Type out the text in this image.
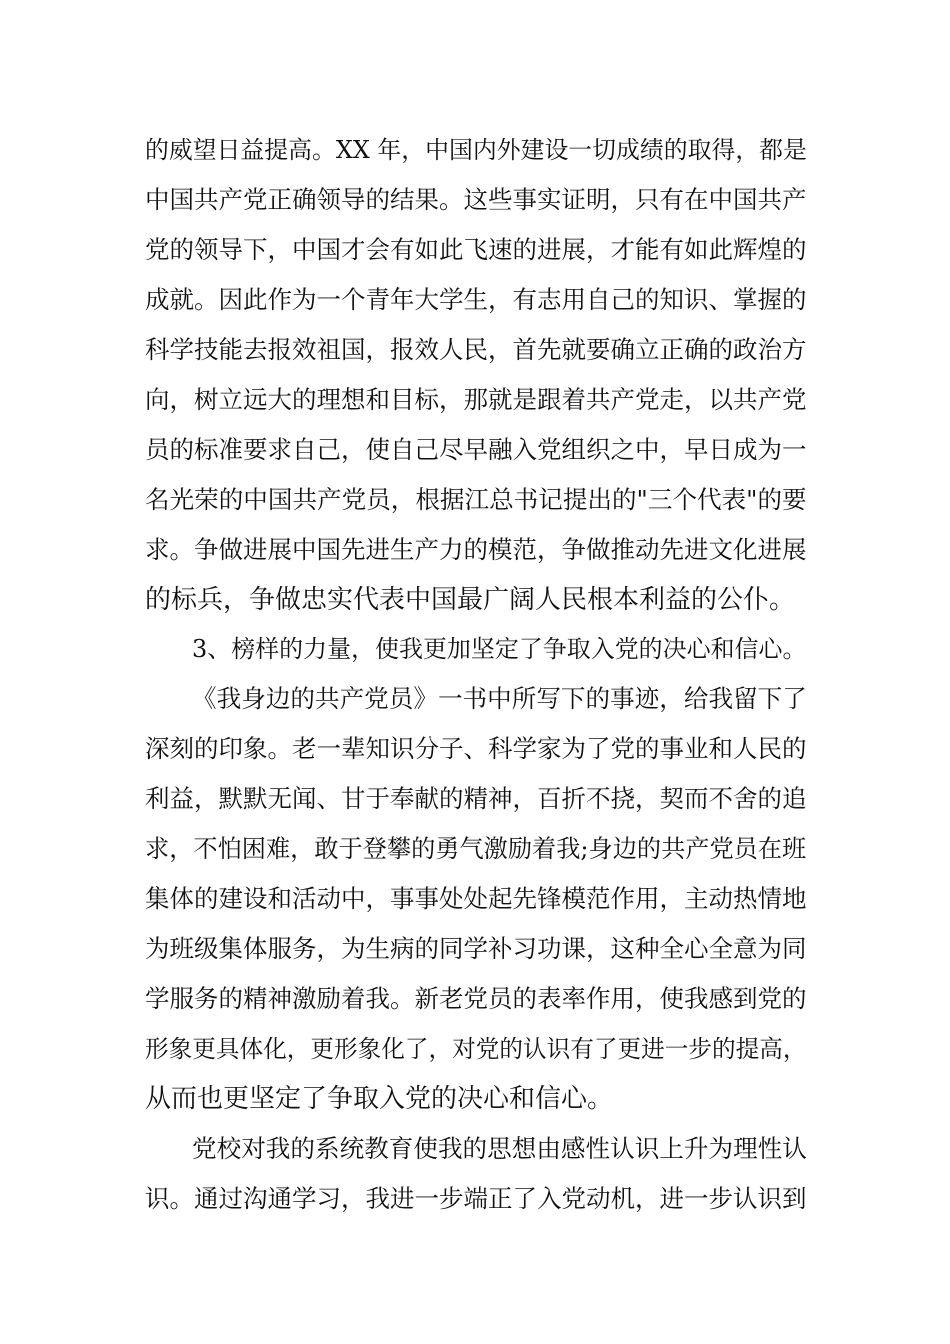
的威望日益提高。XX 年，中国内外建设一切成绩的取得，都是
中国共产党正确领导的结果。这些事实证明，只有在中国共产
党的领导下，中国才会有如此飞速的进展，才能有如此辉煌的
成就。因此作为一个青年大学生，有志用自己的知识、掌握的
科学技能去报效祖国，报效人民，首先就要确立正确的政治方
向，树立远大的理想和目标，那就是跟着共产党走，以共产党
员的标准要求自己，使自己尽早融入党组织之中，早日成为一
名光荣的中国共产党员，根据江总书记提出的"三个代表"的要
求。争做进展中国先进生产力的模范，争做推动先进文化进展
的标兵，争做忠实代表中国最广阔人民根本利益的公仆。
3、榜样的力量，使我更加坚定了争取入党的决心和信心。
《我身边的共产党员》一书中所写下的事迹，给我留下了
深刻的印象。老一辈知识分子、科学家为了党的事业和人民的
利益，默默无闻、甘于奉献的精神，百折不挠，契而不舍的追
求，不怕困难，敢于登攀的勇气激励着我;身边的共产党员在班
集体的建设和活动中，事事处处起先锋模范作用，主动热情地
为班级集体服务，为生病的同学补习功课，这种全心全意为同
学服务的精神激励着我。新老党员的表率作用，使我感到党的
形象更具体化，更形象化了，对党的认识有了更进一步的提高，
从而也更坚定了争取入党的决心和信心。
党校对我的系统教育使我的思想由感性认识上升为理性认
识。通过沟通学习，我进一步端正了入党动机，进一步认识到
